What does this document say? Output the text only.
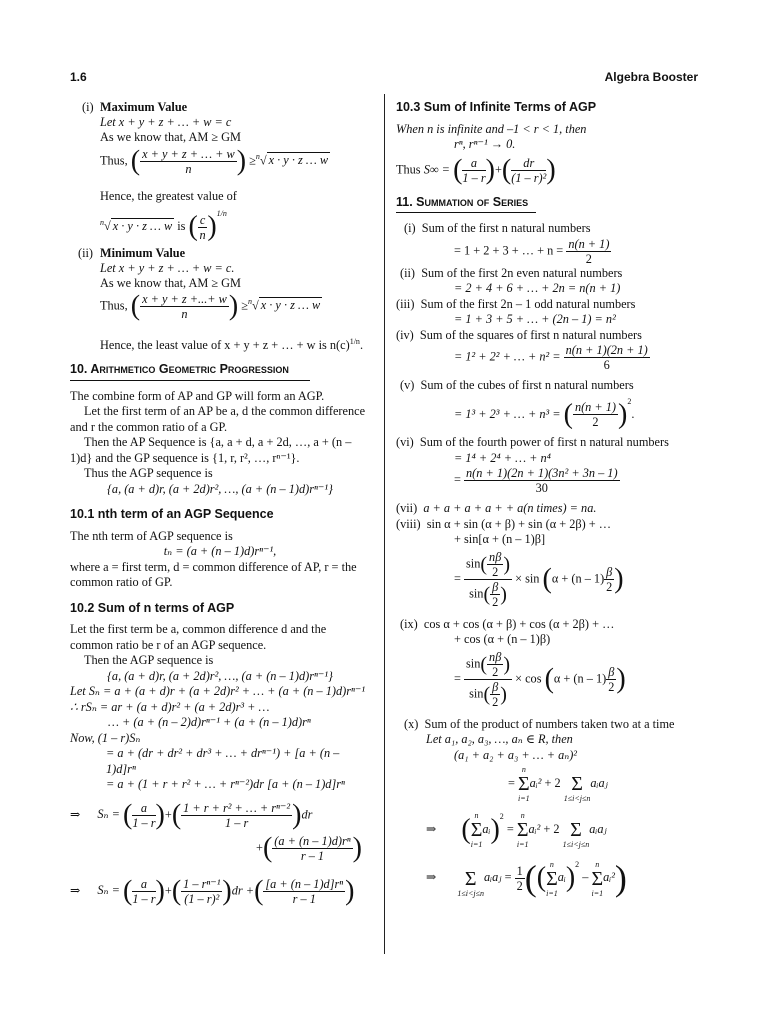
1.6	Algebra Booster
(i) Maximum Value
Let x + y + z + … + w = c
As we know that, AM ≥ GM
Thus, ( $\frac{x + y + z + \dots + w}{n}$ ) ≥$^n$√ x · y · z … w
Hence, the greatest value of
$^n$√ x · y · z … w is ( $\frac{c}{n} )^{1/n}$
(ii) Minimum Value
Let x + y + z + … + w = c.
As we know that, AM ≥ GM
Thus, ( $\frac{x + y + z +...+ w}{n}$ ) ≥$^n$√ x · y · z … w
Hence, the least value of x + y + z + … + w is $n(c)^{1/n}$.
10. Arithmetico Geometric Progression

The combine form of AP and GP will form an AGP.

Let the first term of an AP be a, d the common difference and r the common ratio of a GP.

Then the AP Sequence is {a, a + d, a + 2d, …, a + (n – 1)d} and the GP sequence is {1, r, r², …, rⁿ⁻¹}.

Thus the AGP sequence is

{a, (a + d)r, (a + 2d)r², …, (a + (n – 1)d)rⁿ⁻¹}

10.1 nth term of an AGP Sequence

The nth term of AGP sequence is

tₙ = (a + (n – 1)d)rⁿ⁻¹,

where a = first term, d = common difference of AP, r = the common ratio of GP.

10.2 Sum of n terms of AGP

Let the first term be a, common difference d and the common ratio be r of an AGP sequence.

Then the AGP sequence is

{a, (a + d)r, (a + 2d)r², …, (a + (n – 1)d)rⁿ⁻¹}

Let Sₙ = a + (a + d)r + (a + 2d)r² + … + (a + (n – 1)d)rⁿ⁻¹

∴ rSₙ = ar + (a + d)r² + (a + 2d)r³ + …

… + (a + (n – 2)d)rⁿ⁻¹ + (a + (n – 1)d)rⁿ

Now, (1 – r)Sₙ

= a + (dr + dr² + dr³ + … + drⁿ⁻¹) + [a + (n – 1)d]rⁿ

= a + (1 + r + r² + … + rⁿ⁻²)dr [a + (n – 1)d]rⁿ

⇒ Sₙ = ( $\frac{a}{1 - r}$ )+( $\frac{\text{1 + r + r² + … + rⁿ⁻²}}{1 - r} )dr$
+( $\frac{\text{(a + (n – 1)d)rⁿ}}{r - 1}$ )
⇒ Sₙ = ( $\frac{a}{1 - r}$ )+( $\frac{\text{1 – rⁿ⁻¹}}{\text{(1 – r)²}} )dr$ +( $\frac{\text{[a + (n – 1)d]rⁿ}}{r - 1}$ )
10.3 Sum of Infinite Terms of AGP

When n is infinite and –1 < r < 1, then

rⁿ, rⁿ⁻¹ → 0.

Thus S∞ = ( $\frac{a}{1 - r}$ )+( $\frac{dr}{\text{(1 – r)²}}$ )
11. Summation of Series

(i) Sum of the first n natural numbers

= 1 + 2 + 3 + … + $n = \frac{n(n + 1)}{2}$

(ii) Sum of the first 2n even natural numbers

= 2 + 4 + 6 + … + 2n = n(n + 1)

(iii) Sum of the first 2n – 1 odd natural numbers

= 1 + 3 + 5 + … + (2n – 1) = n²

(iv) Sum of the squares of first n natural numbers

= 1² + 2² + … + $n^2 = \frac{n(n + 1)(2n + 1)}{6}$

(v) Sum of the cubes of first n natural numbers

= 1³ + 2³ + … + n³ = ( $\frac{n(n + 1)}{2} )^2$.

(vi) Sum of the fourth power of first n natural numbers

= 1⁴ + 2⁴ + … + n⁴

= $\frac{\text{n(n + 1)(2n + 1)(3n² + 3n – 1)}}{30}$

(vii) a + a + a + a + + a(n times) = na.

(viii) sin α + sin (α + β) + sin (α + 2β) + …

+ sin[α + (n – 1)β]

= $\frac{\sin( \frac{n\beta}{2} )}{\sin( \frac{\beta}{2} )} \times \sin (\alpha + (n - 1) \frac{\beta}{2}$ )

(ix) cos α + cos (α + β) + cos (α + 2β) + …

+ cos (α + (n – 1)β)

= $\frac{\sin( \frac{n\beta}{2} )}{\sin( \frac{\beta}{2} )} \times \cos (\alpha + (n - 1) \frac{\beta}{2}$ )

(x) Sum of the product of numbers taken two at a time

Let a₁, a₂, a₃, …, aₙ ∈ R, then

(a₁ + a₂ + a₃ + … + aₙ)²

=
n
Σ
i=1
aᵢ² + 2
Σ
1≤i<j≤n
aᵢaⱼ
⇒ ( n
Σ
i=1
aᵢ)$^2$ =
n
Σ
i=1
aᵢ² + 2
Σ
1≤i<j≤n
aᵢaⱼ
⇒
	Σ
1≤i<j≤n
aᵢaⱼ = $\frac{1}{2}$ (( n
Σ
i=1
aᵢ)$^2$ –
n
Σ
i=1
aᵢ²)
